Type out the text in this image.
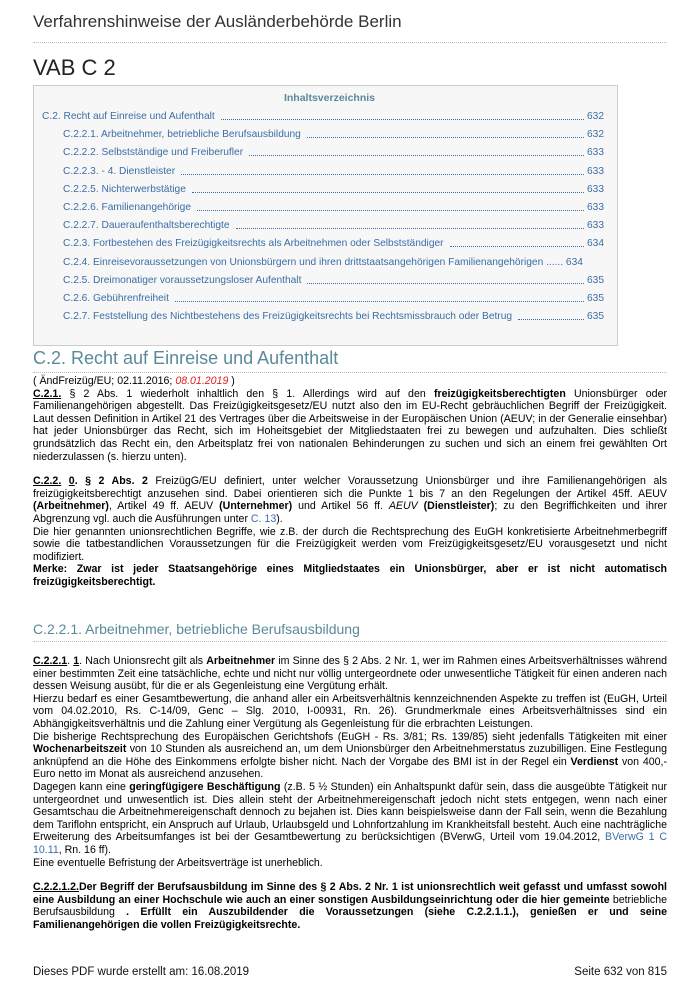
Verfahrenshinweise der Ausländerbehörde Berlin
VAB C 2
Inhaltsverzeichnis
C.2. Recht auf Einreise und Aufenthalt	632
C.2.2.1. Arbeitnehmer, betriebliche Berufsausbildung	632
C.2.2.2. Selbstständige und Freiberufler	633
C.2.2.3. - 4. Dienstleister	633
C.2.2.5. Nichterwerbstätige	633
C.2.2.6. Familienangehörige	633
C.2.2.7. Daueraufenthaltsberechtigte	633
C.2.3. Fortbestehen des Freizügigkeitsrechts als Arbeitnehmen oder Selbstständiger	634
C.2.4. Einreisevoraussetzungen von Unionsbürgern und ihren drittstaatsangehörigen Familienangehörigen ...... 634
C.2.5. Dreimonatiger voraussetzungsloser Aufenthalt	635
C.2.6. Gebührenfreiheit	635
C.2.7. Feststellung des Nichtbestehens des Freizügigkeitsrechts bei Rechtsmissbrauch oder Betrug	635
C.2. Recht auf Einreise und Aufenthalt

( ÄndFreizüg/EU; 02.11.2016; 08.01.2019 )

C.2.1. § 2 Abs. 1 wiederholt inhaltlich den § 1. Allerdings wird auf den freizügigkeitsberechtigten Unionsbürger oder Familienangehörigen abgestellt. Das Freizügigkeitsgesetz/EU nutzt also den im EU-Recht gebräuchlichen Begriff der Freizügigkeit. Laut dessen Definition in Artikel 21 des Vertrages über die Arbeitsweise in der Europäischen Union (AEUV; in der Generalie einsehbar) hat jeder Unionsbürger das Recht, sich im Hoheitsgebiet der Mitgliedstaaten frei zu bewegen und aufzuhalten. Dies schließt grundsätzlich das Recht ein, den Arbeitsplatz frei von nationalen Behinderungen zu suchen und sich an einem frei gewählten Ort niederzulassen (s. hierzu unten).

C.2.2. 0. § 2 Abs. 2 FreizügG/EU definiert, unter welcher Voraussetzung Unionsbürger und ihre Familienangehörigen als freizügigkeitsberechtigt anzusehen sind. Dabei orientieren sich die Punkte 1 bis 7 an den Regelungen der Artikel 45ff. AEUV (Arbeitnehmer), Artikel 49 ff. AEUV (Unternehmer) und Artikel 56 ff. AEUV (Dienstleister); zu den Begriffichkeiten und ihrer Abgrenzung vgl. auch die Ausführungen unter C. 13).

Die hier genannten unionsrechtlichen Begriffe, wie z.B. der durch die Rechtsprechung des EuGH konkretisierte Arbeitnehmerbegriff sowie die tatbestandlichen Voraussetzungen für die Freizügigkeit werden vom Freizügigkeitsgesetz/EU vorausgesetzt und nicht modifiziert.

Merke: Zwar ist jeder Staatsangehörige eines Mitgliedstaates ein Unionsbürger, aber er ist nicht automatisch freizügigkeitsberechtigt.

C.2.2.1. Arbeitnehmer, betriebliche Berufsausbildung

C.2.2.1. 1. Nach Unionsrecht gilt als Arbeitnehmer im Sinne des § 2 Abs. 2 Nr. 1, wer im Rahmen eines Arbeitsverhältnisses während einer bestimmten Zeit eine tatsächliche, echte und nicht nur völlig untergeordnete oder unwesentliche Tätigkeit für einen anderen nach dessen Weisung ausübt, für die er als Gegenleistung eine Vergütung erhält.

Hierzu bedarf es einer Gesamtbewertung, die anhand aller ein Arbeitsverhältnis kennzeichnenden Aspekte zu treffen ist (EuGH, Urteil vom 04.02.2010, Rs. C-14/09, Genc – Slg. 2010, I-00931, Rn. 26). Grundmerkmale eines Arbeitsverhältnisses sind ein Abhängigkeitsverhältnis und die Zahlung einer Vergütung als Gegenleistung für die erbrachten Leistungen.

Die bisherige Rechtsprechung des Europäischen Gerichtshofs (EuGH - Rs. 3/81; Rs. 139/85) sieht jedenfalls Tätigkeiten mit einer Wochenarbeitszeit von 10 Stunden als ausreichend an, um dem Unionsbürger den Arbeitnehmerstatus zuzubilligen. Eine Festlegung anknüpfend an die Höhe des Einkommens erfolgte bisher nicht. Nach der Vorgabe des BMI ist in der Regel ein Verdienst von 400,- Euro netto im Monat als ausreichend anzusehen.

Dagegen kann eine geringfügigere Beschäftigung (z.B. 5 ½ Stunden) ein Anhaltspunkt dafür sein, dass die ausgeübte Tätigkeit nur untergeordnet und unwesentlich ist. Dies allein steht der Arbeitnehmereigenschaft jedoch nicht stets entgegen, wenn nach einer Gesamtschau die Arbeitnehmereigenschaft dennoch zu bejahen ist. Dies kann beispielsweise dann der Fall sein, wenn die Bezahlung dem Tariflohn entspricht, ein Anspruch auf Urlaub, Urlaubsgeld und Lohnfortzahlung im Krankheitsfall besteht. Auch eine nachträgliche Erweiterung des Arbeitsumfanges ist bei der Gesamtbewertung zu berücksichtigen (BVerwG, Urteil vom 19.04.2012, BVerwG 1 C 10.11, Rn. 16 ff).

Eine eventuelle Befristung der Arbeitsverträge ist unerheblich.

C.2.2.1.2.Der Begriff der Berufsausbildung im Sinne des § 2 Abs. 2 Nr. 1 ist unionsrechtlich weit gefasst und umfasst sowohl eine Ausbildung an einer Hochschule wie auch an einer sonstigen Ausbildungseinrichtung oder die hier gemeinte betriebliche Berufsausbildung . Erfüllt ein Auszubildender die Voraussetzungen (siehe C.2.2.1.1.), genießen er und seine Familienangehörigen die vollen Freizügigkeitsrechte.

Dieses PDF wurde erstellt am: 16.08.2019	Seite 632 von 815
